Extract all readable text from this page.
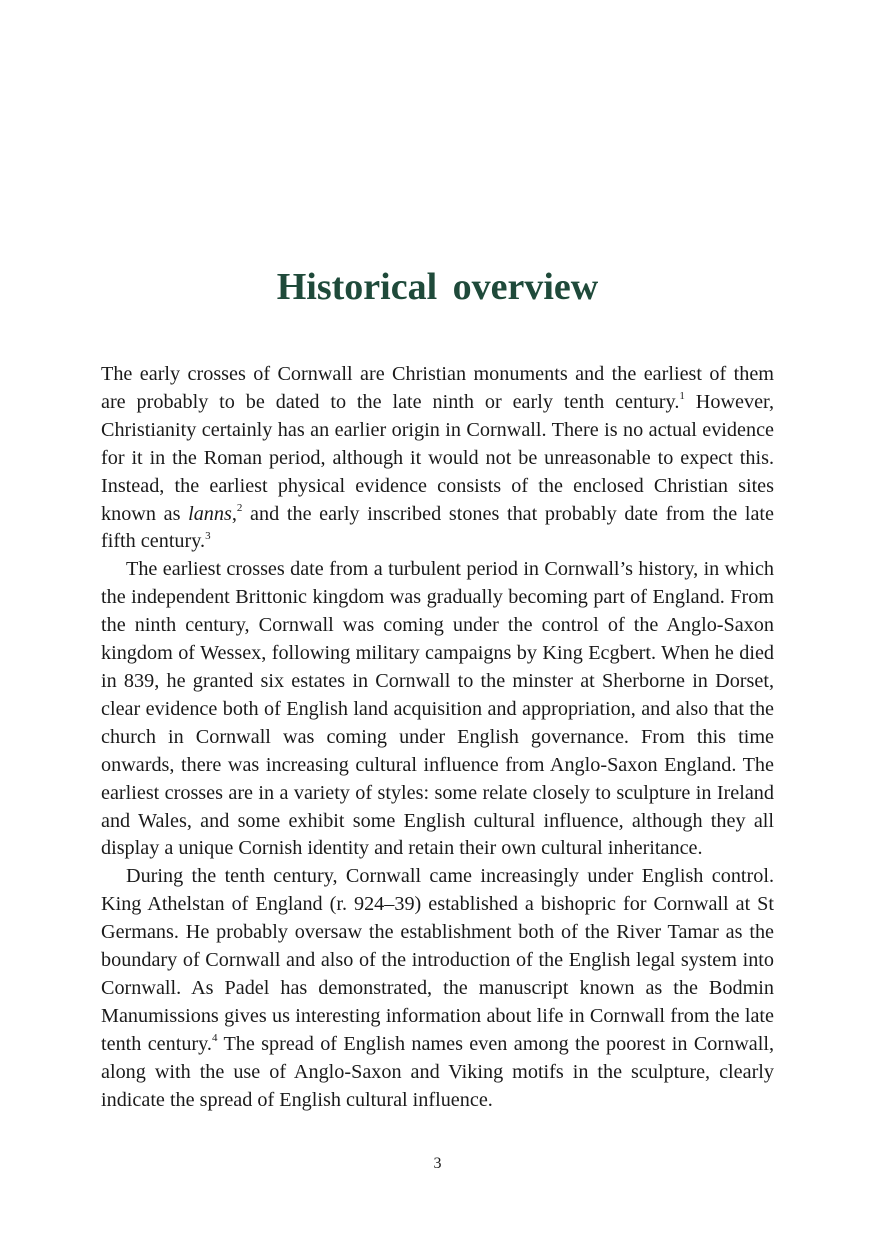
Historical overview

The early crosses of Cornwall are Christian monuments and the earliest of them are probably to be dated to the late ninth or early tenth century.$^1$ However, Christianity certainly has an earlier origin in Cornwall. There is no actual evidence for it in the Roman period, although it would not be unreasonable to expect this. Instead, the earliest physical evidence consists of the enclosed Christian sites known as lanns,$^2$ and the early inscribed stones that probably date from the late fifth century.$^3$

The earliest crosses date from a turbulent period in Cornwall’s history, in which the independent Brittonic kingdom was gradually becoming part of England. From the ninth century, Cornwall was coming under the control of the Anglo-Saxon kingdom of Wessex, following military campaigns by King Ecgbert. When he died in 839, he granted six estates in Cornwall to the minster at Sherborne in Dorset, clear evidence both of English land acquisition and appropriation, and also that the church in Cornwall was coming under English governance. From this time onwards, there was increasing cultural influence from Anglo-Saxon England. The earliest crosses are in a variety of styles: some relate closely to sculpture in Ireland and Wales, and some exhibit some English cultural influence, although they all display a unique Cornish identity and retain their own cultural inheritance.

During the tenth century, Cornwall came increasingly under English control. King Athelstan of England (r. 924–39) established a bishopric for Cornwall at St Germans. He probably oversaw the establishment both of the River Tamar as the boundary of Cornwall and also of the introduction of the English legal system into Cornwall. As Padel has demonstrated, the manuscript known as the Bodmin Manumissions gives us interesting information about life in Cornwall from the late tenth century.$^4$ The spread of English names even among the poorest in Cornwall, along with the use of Anglo-Saxon and Viking motifs in the sculpture, clearly indicate the spread of English cultural influence.

3
